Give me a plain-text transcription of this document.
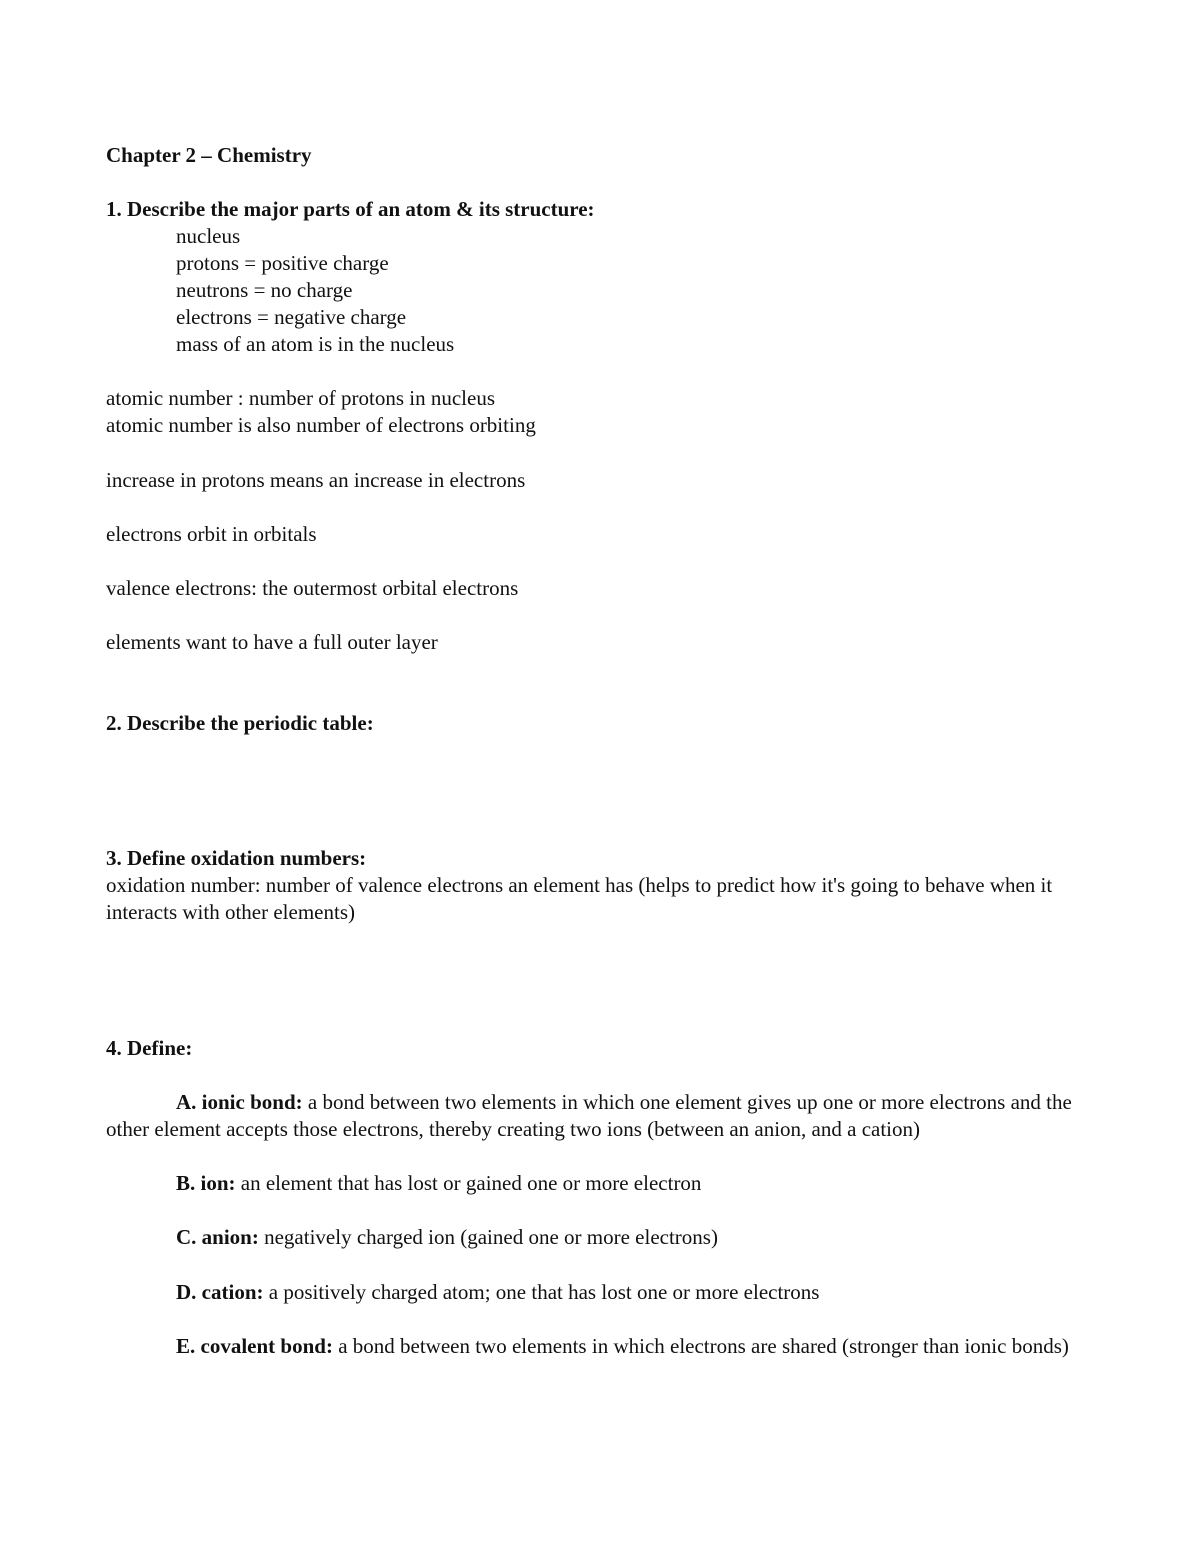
Chapter 2 – Chemistry
1. Describe the major parts of an atom & its structure:
nucleus
protons = positive charge
neutrons = no charge
electrons = negative charge
mass of an atom is in the nucleus
atomic number : number of protons in nucleus
atomic number is also number of electrons orbiting
increase in protons means an increase in electrons
electrons orbit in orbitals
valence electrons: the outermost orbital electrons
elements want to have a full outer layer
2. Describe the periodic table:
3. Define oxidation numbers:
oxidation number: number of valence electrons an element has (helps to predict how it's going to behave when it interacts with other elements)
4. Define:
A. ionic bond: a bond between two elements in which one element gives up one or more electrons and the other element accepts those electrons, thereby creating two ions (between an anion, and a cation)
B. ion: an element that has lost or gained one or more electron
C. anion: negatively charged ion (gained one or more electrons)
D. cation: a positively charged atom; one that has lost one or more electrons
E. covalent bond: a bond between two elements in which electrons are shared (stronger than ionic bonds)
